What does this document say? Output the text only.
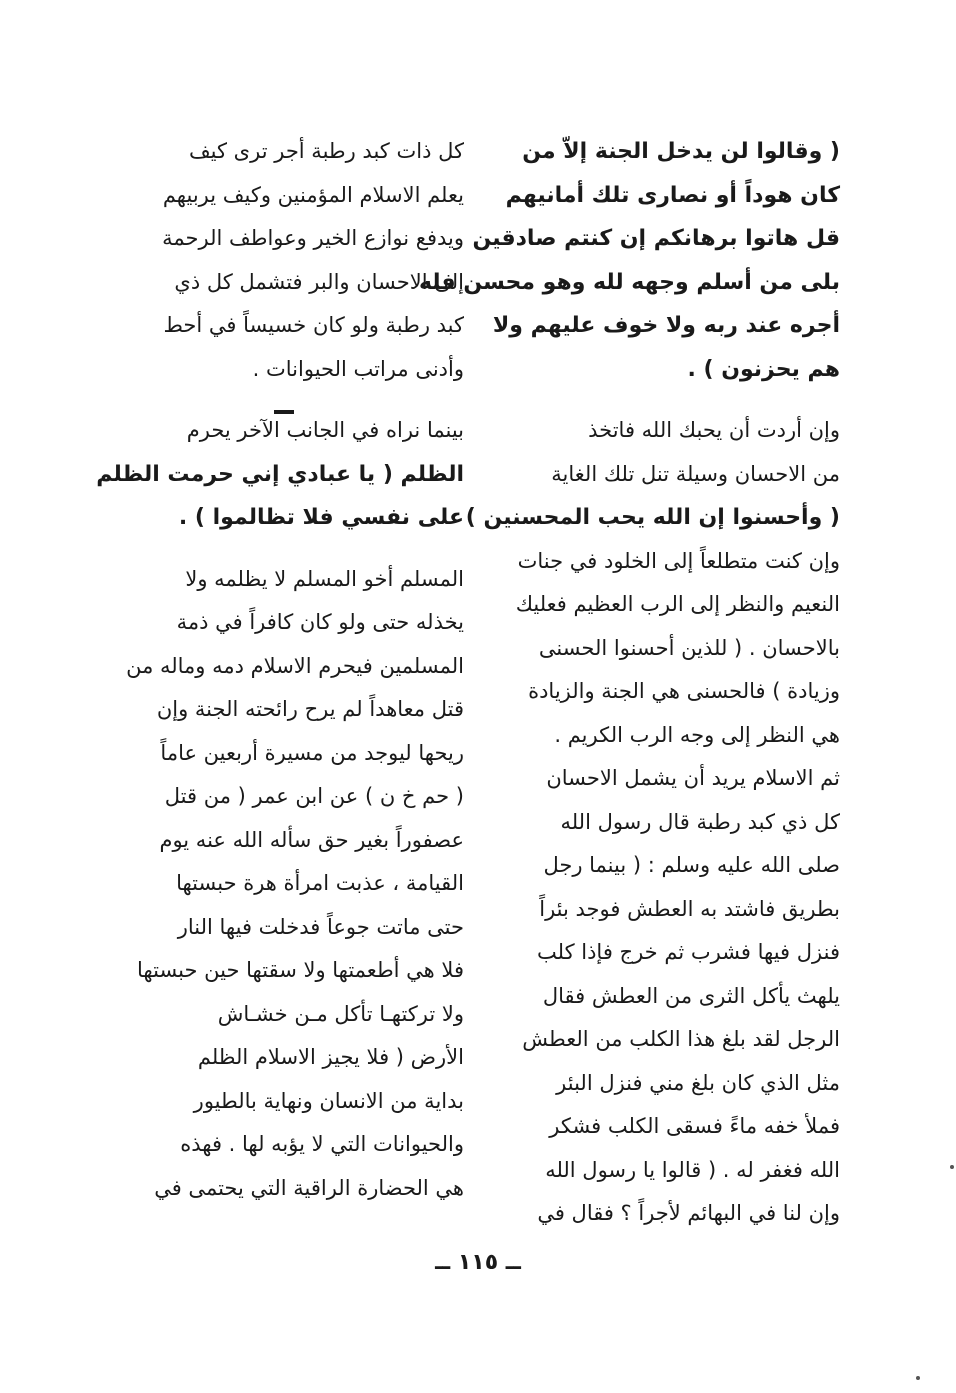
( وقالوا لن يدخل الجنة إلاّ من
كان هوداً أو نصارى تلك أمانيهم
قل هاتوا برهانكم إن كنتم صادقين
بلى من أسلم وجهه لله وهو محسن فله
أجره عند ربه ولا خوف عليهم ولا
هم يحزنون ) .
وإن أردت أن يحبك الله فاتخذ
من الاحسان وسيلة تنل تلك الغاية
( وأحسنوا إن الله يحب المحسنين )
وإن كنت متطلعاً إلى الخلود في جنات
النعيم والنظر إلى الرب العظيم فعليك
بالاحسان . ( للذين أحسنوا الحسنى
وزيادة ) فالحسنى هي الجنة والزيادة
هي النظر إلى وجه الرب الكريم .
ثم الاسلام يريد أن يشمل الاحسان
كل ذي كبد رطبة قال رسول الله
صلى الله عليه وسلم : ( بينما رجل
بطريق فاشتد به العطش فوجد بئراً
فنزل فيها فشرب ثم خرج فإذا كلب
يلهث يأكل الثرى من العطش فقال
الرجل لقد بلغ هذا الكلب من العطش
مثل الذي كان بلغ مني فنزل البئر
فملأ خفه ماءً فسقى الكلب فشكر
الله فغفر له . ( قالوا يا رسول الله
وإن لنا في البهائم لأجراً ؟ فقال في
كل ذات كبد رطبة أجر ترى كيف
يعلم الاسلام المؤمنين وكيف يربيهم
ويدفع نوازع الخير وعواطف الرحمة
إلى الاحسان والبر فتشمل كل ذي
كبد رطبة ولو كان خسيساً في أحط
وأدنى مراتب الحيوانات .
بينما نراه في الجانب الآخر يحرم
الظلم ( يا عبادي إني حرمت الظلم
على نفسي فلا تظالموا ) .
المسلم أخو المسلم لا يظلمه ولا
يخذله حتى ولو كان كافراً في ذمة
المسلمين فيحرم الاسلام دمه وماله من
قتل معاهداً لم يرح رائحته الجنة وإن
ريحها ليوجد من مسيرة أربعين عاماً
( حم خ ن ) عن ابن عمر ( من قتل
عصفوراً بغير حق سأله الله عنه يوم
القيامة ، عذبت امرأة هرة حبستها
حتى ماتت جوعاً فدخلت فيها النار
فلا هي أطعمتها ولا سقتها حين حبستها
ولا تركتهـا تأكل مـن خشـاش
الأرض ( فلا يجيز الاسلام الظلم
بداية من الانسان ونهاية بالطيور
والحيوانات التي لا يؤبه لها . فهذه
هي الحضارة الراقية التي يحتمى في
ــ ١١٥ ــ
